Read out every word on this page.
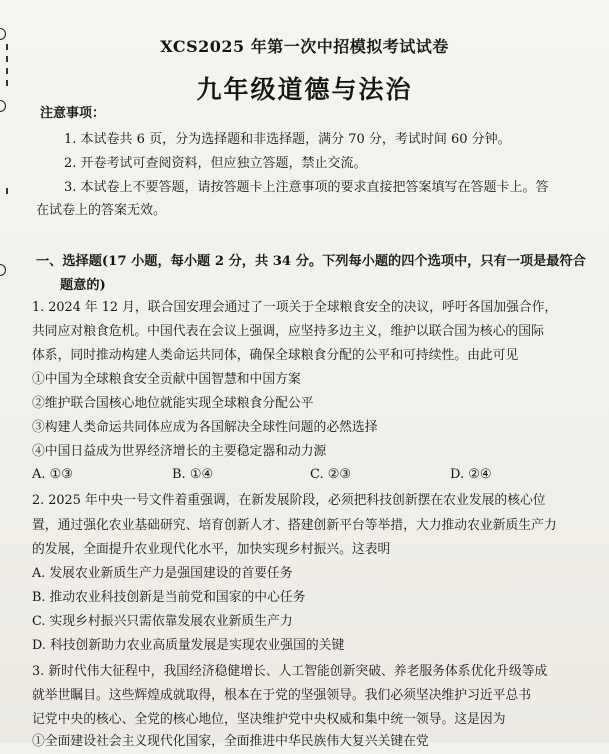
XCS2025 年第一次中招模拟考试试卷
九年级道德与法治
注意事项：
1. 本试卷共 6 页，分为选择题和非选择题，满分 70 分，考试时间 60 分钟。
2. 开卷考试可查阅资料，但应独立答题，禁止交流。
3. 本试卷上不要答题，请按答题卡上注意事项的要求直接把答案填写在答题卡上。答
在试卷上的答案无效。
一、选择题(17 小题，每小题 2 分，共 34 分。下列每小题的四个选项中，只有一项是最符合
题意的)
1. 2024 年 12 月，联合国安理会通过了一项关于全球粮食安全的决议，呼吁各国加强合作，
共同应对粮食危机。中国代表在会议上强调，应坚持多边主义，维护以联合国为核心的国际
体系，同时推动构建人类命运共同体，确保全球粮食分配的公平和可持续性。由此可见
①中国为全球粮食安全贡献中国智慧和中国方案
②维护联合国核心地位就能实现全球粮食分配公平
③构建人类命运共同体应成为各国解决全球性问题的必然选择
④中国日益成为世界经济增长的主要稳定器和动力源
A. ①③	B. ①④	C. ②③	D. ②④
2. 2025 年中央一号文件着重强调，在新发展阶段，必须把科技创新摆在农业发展的核心位
置，通过强化农业基础研究、培育创新人才、搭建创新平台等举措，大力推动农业新质生产力
的发展，全面提升农业现代化水平，加快实现乡村振兴。这表明
A. 发展农业新质生产力是强国建设的首要任务
B. 推动农业科技创新是当前党和国家的中心任务
C. 实现乡村振兴只需依靠发展农业新质生产力
D. 科技创新助力农业高质量发展是实现农业强国的关键
3. 新时代伟大征程中，我国经济稳健增长、人工智能创新突破、养老服务体系优化升级等成
就举世瞩目。这些辉煌成就取得，根本在于党的坚强领导。我们必须坚决维护习近平总书
记党中央的核心、全党的核心地位，坚决维护党中央权威和集中统一领导。这是因为
①全面建设社会主义现代化国家，全面推进中华民族伟大复兴关键在党
